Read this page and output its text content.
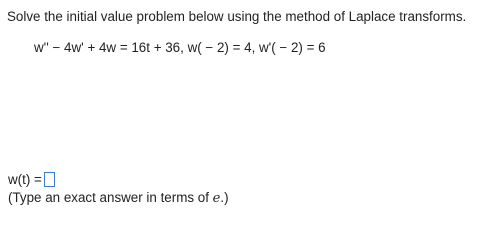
Solve the initial value problem below using the method of Laplace transforms.
w'' − 4w' + 4w = 16t + 36, w( − 2) = 4, w'( − 2) = 6
w(t) =
(Type an exact answer in terms of e.)
